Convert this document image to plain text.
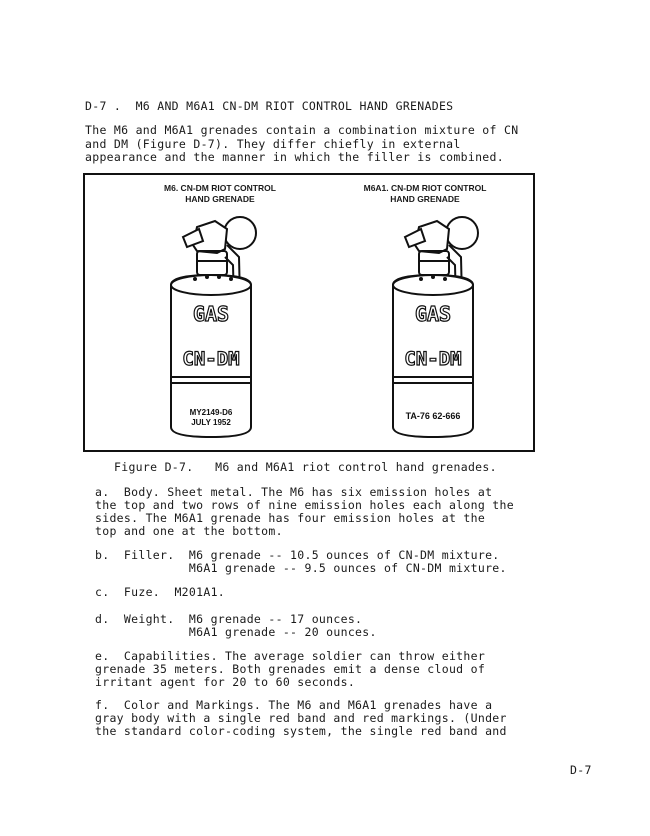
D-7 .  M6 AND M6A1 CN-DM RIOT CONTROL HAND GRENADES
The M6 and M6A1 grenades contain a combination mixture of CN
and DM (Figure D-7). They differ chiefly in external
appearance and the manner in which the filler is combined.
M6. CN-DM RIOT CONTROL
HAND GRENADE
M6A1. CN-DM RIOT CONTROL
HAND GRENADE
GAS
CN-DM
MY2149-D6
JULY 1952
GAS
CN-DM
TA-76 62-666
Figure D-7.   M6 and M6A1 riot control hand grenades.
a.  Body. Sheet metal. The M6 has six emission holes at
the top and two rows of nine emission holes each along the
sides. The M6A1 grenade has four emission holes at the
top and one at the bottom.
b.  Filler.  M6 grenade -- 10.5 ounces of CN-DM mixture.
M6A1 grenade -- 9.5 ounces of CN-DM mixture.
c.  Fuze.  M201A1.
d.  Weight.  M6 grenade -- 17 ounces.
M6A1 grenade -- 20 ounces.
e.  Capabilities. The average soldier can throw either
grenade 35 meters. Both grenades emit a dense cloud of
irritant agent for 20 to 60 seconds.
f.  Color and Markings. The M6 and M6A1 grenades have a
gray body with a single red band and red markings. (Under
the standard color-coding system, the single red band and
D-7
